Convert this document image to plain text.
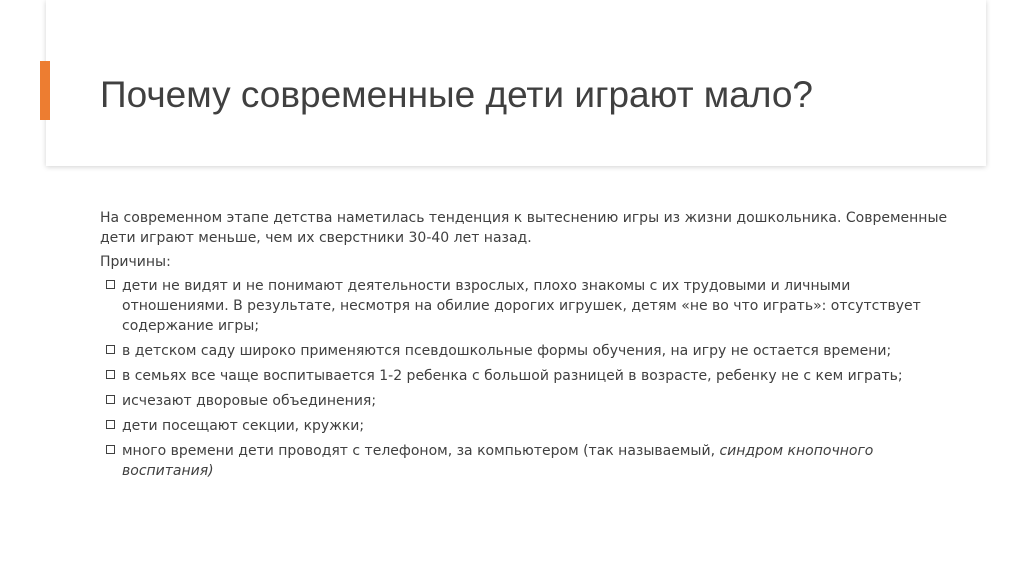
Почему современные дети играют мало?

На современном этапе детства наметилась тенденция к вытеснению игры из жизни дошкольника. Современные дети играют меньше, чем их сверстники 30-40 лет назад.

Причины:

дети не видят и не понимают деятельности взрослых, плохо знакомы с их трудовыми и личными отношениями. В результате, несмотря на обилие дорогих игрушек, детям «не во что играть»: отсутствует содержание игры;
в детском саду широко применяются псевдошкольные формы обучения, на игру не остается времени;
в семьях все чаще воспитывается 1-2 ребенка с большой разницей в возрасте, ребенку не с кем играть;
исчезают дворовые объединения;
дети посещают секции, кружки;
много времени дети проводят с телефоном, за компьютером (так называемый, синдром кнопочного воспитания)
